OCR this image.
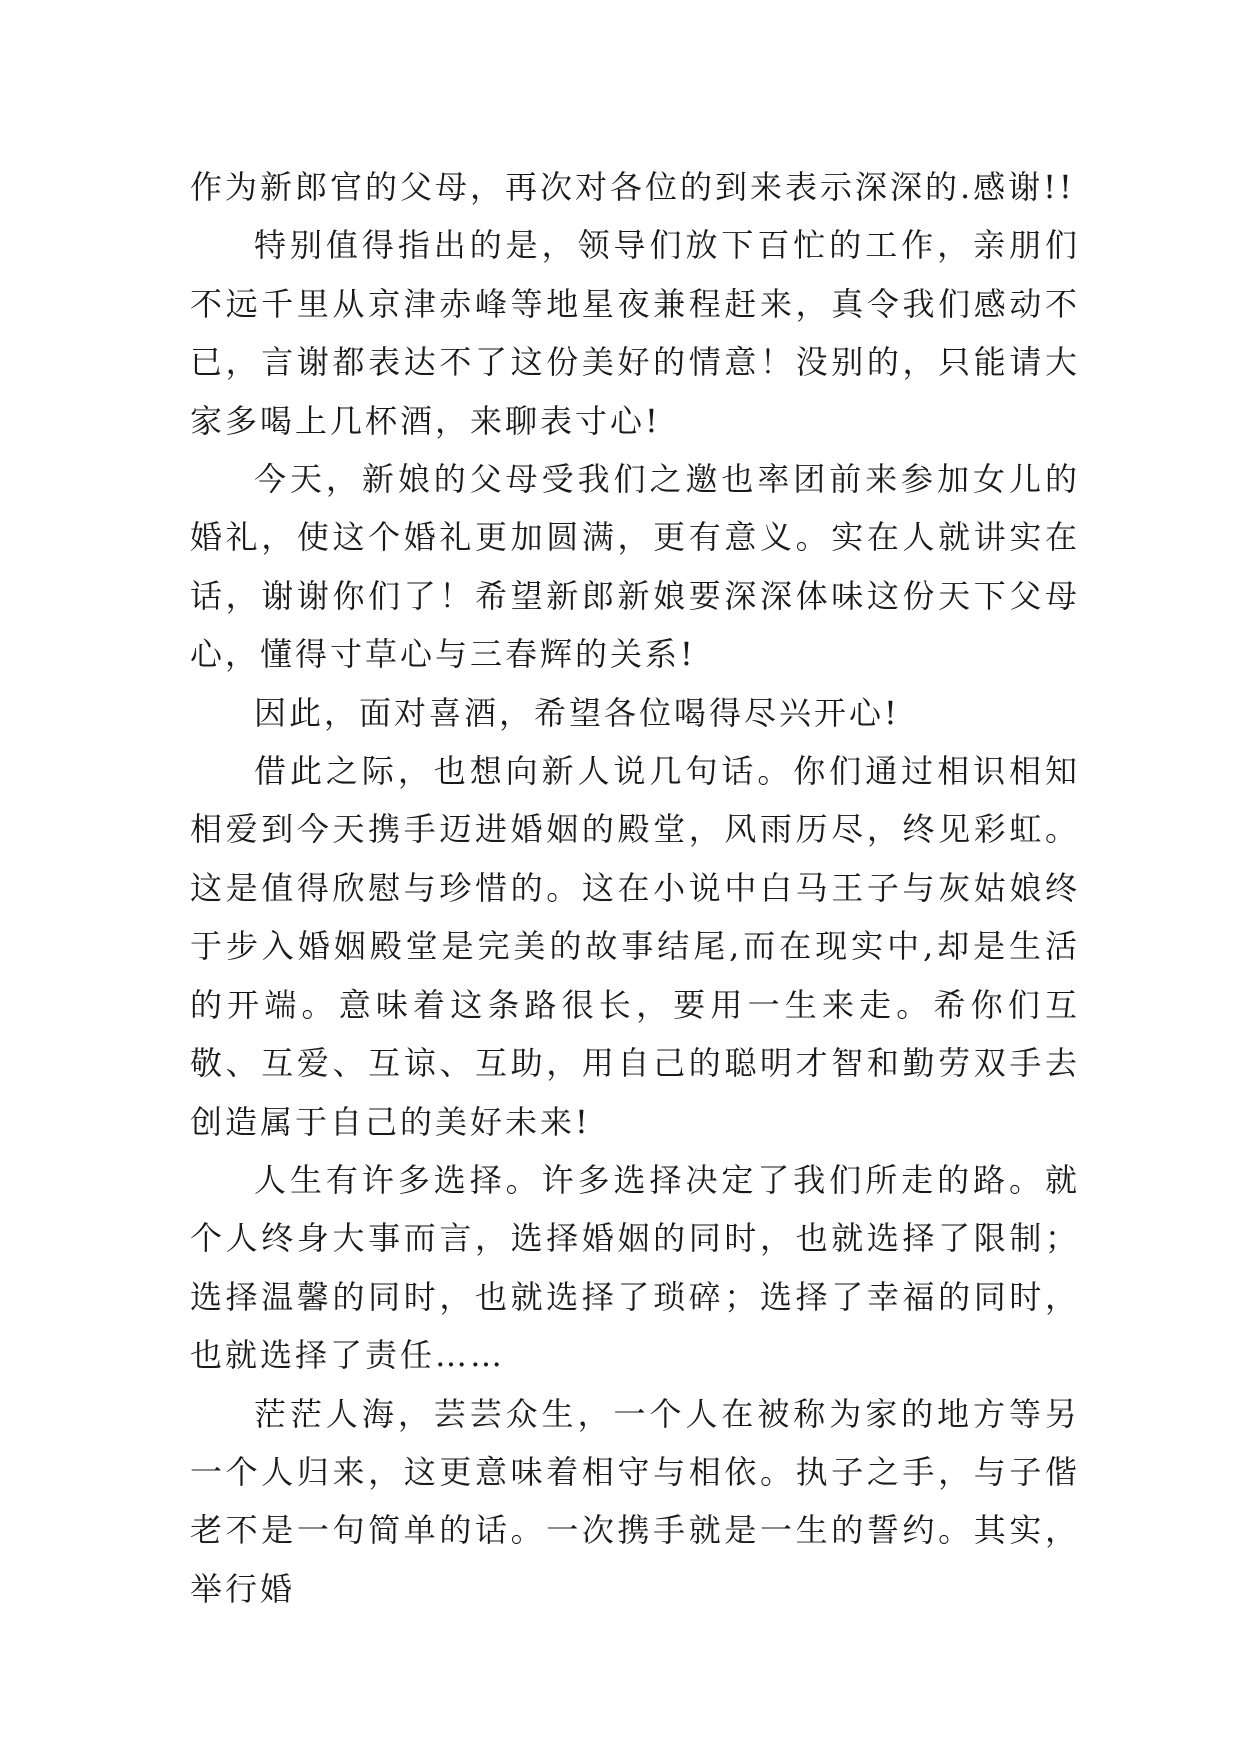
作为新郎官的父母，再次对各位的到来表示深深的.感谢!!

特别值得指出的是，领导们放下百忙的工作，亲朋们不远千里从京津赤峰等地星夜兼程赶来，真令我们感动不已，言谢都表达不了这份美好的情意！没别的，只能请大家多喝上几杯酒，来聊表寸心!

今天，新娘的父母受我们之邀也率团前来参加女儿的婚礼，使这个婚礼更加圆满，更有意义。实在人就讲实在话，谢谢你们了！希望新郎新娘要深深体味这份天下父母心，懂得寸草心与三春辉的关系!

因此，面对喜酒，希望各位喝得尽兴开心!

借此之际，也想向新人说几句话。你们通过相识相知相爱到今天携手迈进婚姻的殿堂，风雨历尽，终见彩虹。这是值得欣慰与珍惜的。这在小说中白马王子与灰姑娘终于步入婚姻殿堂是完美的故事结尾,而在现实中,却是生活的开端。意味着这条路很长，要用一生来走。希你们互敬、互爱、互谅、互助，用自己的聪明才智和勤劳双手去创造属于自己的美好未来!

人生有许多选择。许多选择决定了我们所走的路。就个人终身大事而言，选择婚姻的同时，也就选择了限制；选择温馨的同时，也就选择了琐碎；选择了幸福的同时，也就选择了责任……

茫茫人海，芸芸众生，一个人在被称为家的地方等另一个人归来，这更意味着相守与相依。执子之手，与子偕老不是一句简单的话。一次携手就是一生的誓约。其实，举行婚
